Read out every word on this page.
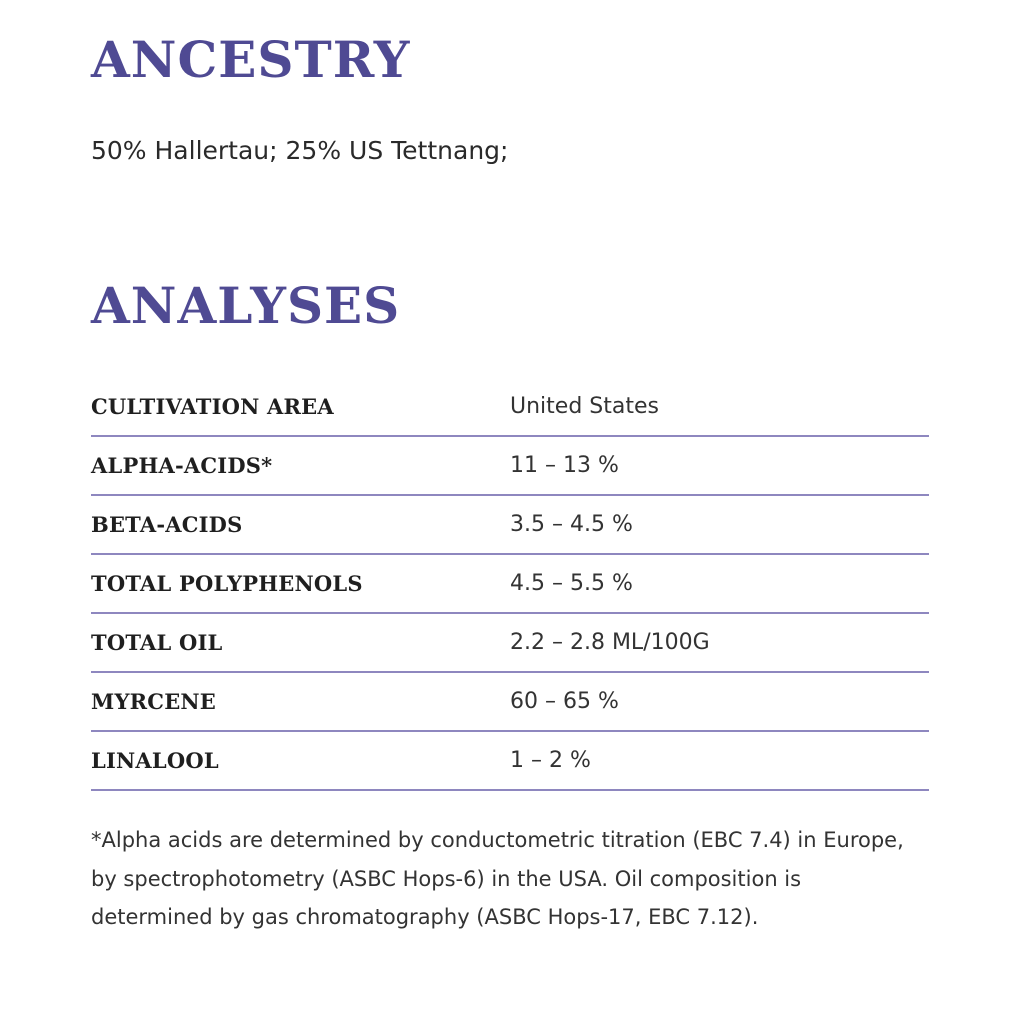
ANCESTRY

50% Hallertau; 25% US Tettnang;

ANALYSES
CULTIVATION AREA	United States
ALPHA-ACIDS*	11 – 13 %
BETA-ACIDS	3.5 – 4.5 %
TOTAL POLYPHENOLS	4.5 – 5.5 %
TOTAL OIL	2.2 – 2.8 ML/100G
MYRCENE	60 – 65 %
LINALOOL	1 – 2 %

*Alpha acids are determined by conductometric titration (EBC 7.4) in Europe, by spectrophotometry (ASBC Hops-6) in the USA. Oil composition is determined by gas chromatography (ASBC Hops-17, EBC 7.12).
